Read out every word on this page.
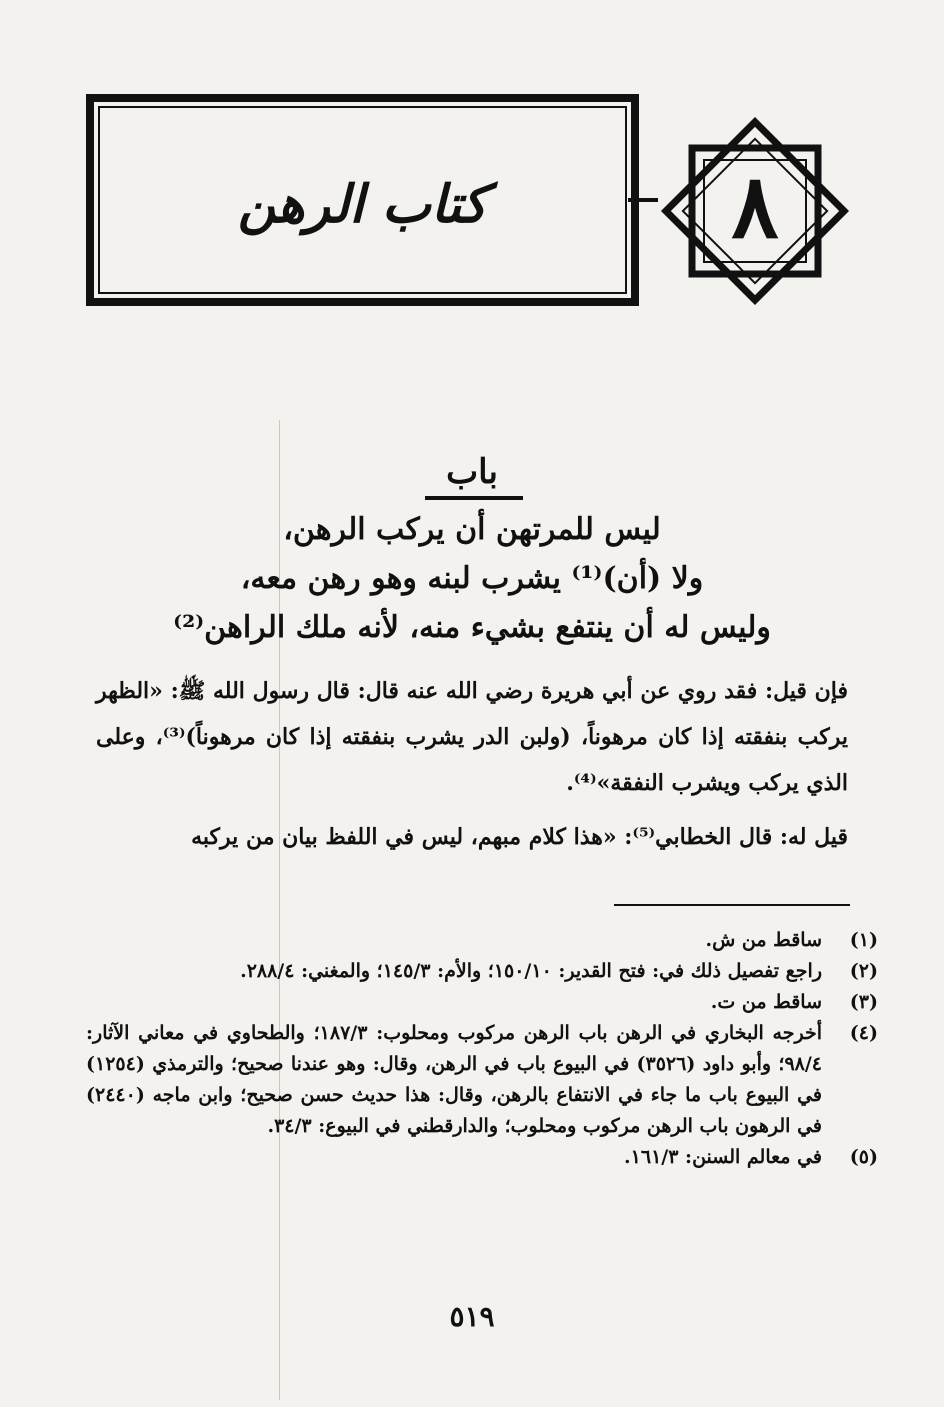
كتاب الرهن	٨
باب
ليس للمرتهن أن يركب الرهن،
ولا (أن)⁽¹⁾ يشرب لبنه وهو رهن معه،
وليس له أن ينتفع بشيء منه، لأنه ملك الراهن⁽²⁾
فإن قيل: فقد روي عن أبي هريرة رضي الله عنه قال: قال رسول الله ﷺ: «الظهر يركب بنفقته إذا كان مرهوناً، (ولبن الدر يشرب بنفقته إذا كان مرهوناً)⁽³⁾، وعلى الذي يركب ويشرب النفقة»⁽⁴⁾.
قيل له: قال الخطابي⁽⁵⁾: «هذا كلام مبهم، ليس في اللفظ بيان من يركبه
(١)
ساقط من ش.
(٢)
راجع تفصيل ذلك في: فتح القدير: ١٥٠/١٠؛ والأم: ١٤٥/٣؛ والمغني: ٢٨٨/٤.
(٣)
ساقط من ت.
(٤)
أخرجه البخاري في الرهن باب الرهن مركوب ومحلوب: ١٨٧/٣؛ والطحاوي في معاني الآثار: ٩٨/٤؛ وأبو داود (٣٥٢٦) في البيوع باب في الرهن، وقال: وهو عندنا صحيح؛ والترمذي (١٢٥٤) في البيوع باب ما جاء في الانتفاع بالرهن، وقال: هذا حديث حسن صحيح؛ وابن ماجه (٢٤٤٠) في الرهون باب الرهن مركوب ومحلوب؛ والدارقطني في البيوع: ٣٤/٣.
(٥)
في معالم السنن: ١٦١/٣.
٥١٩
